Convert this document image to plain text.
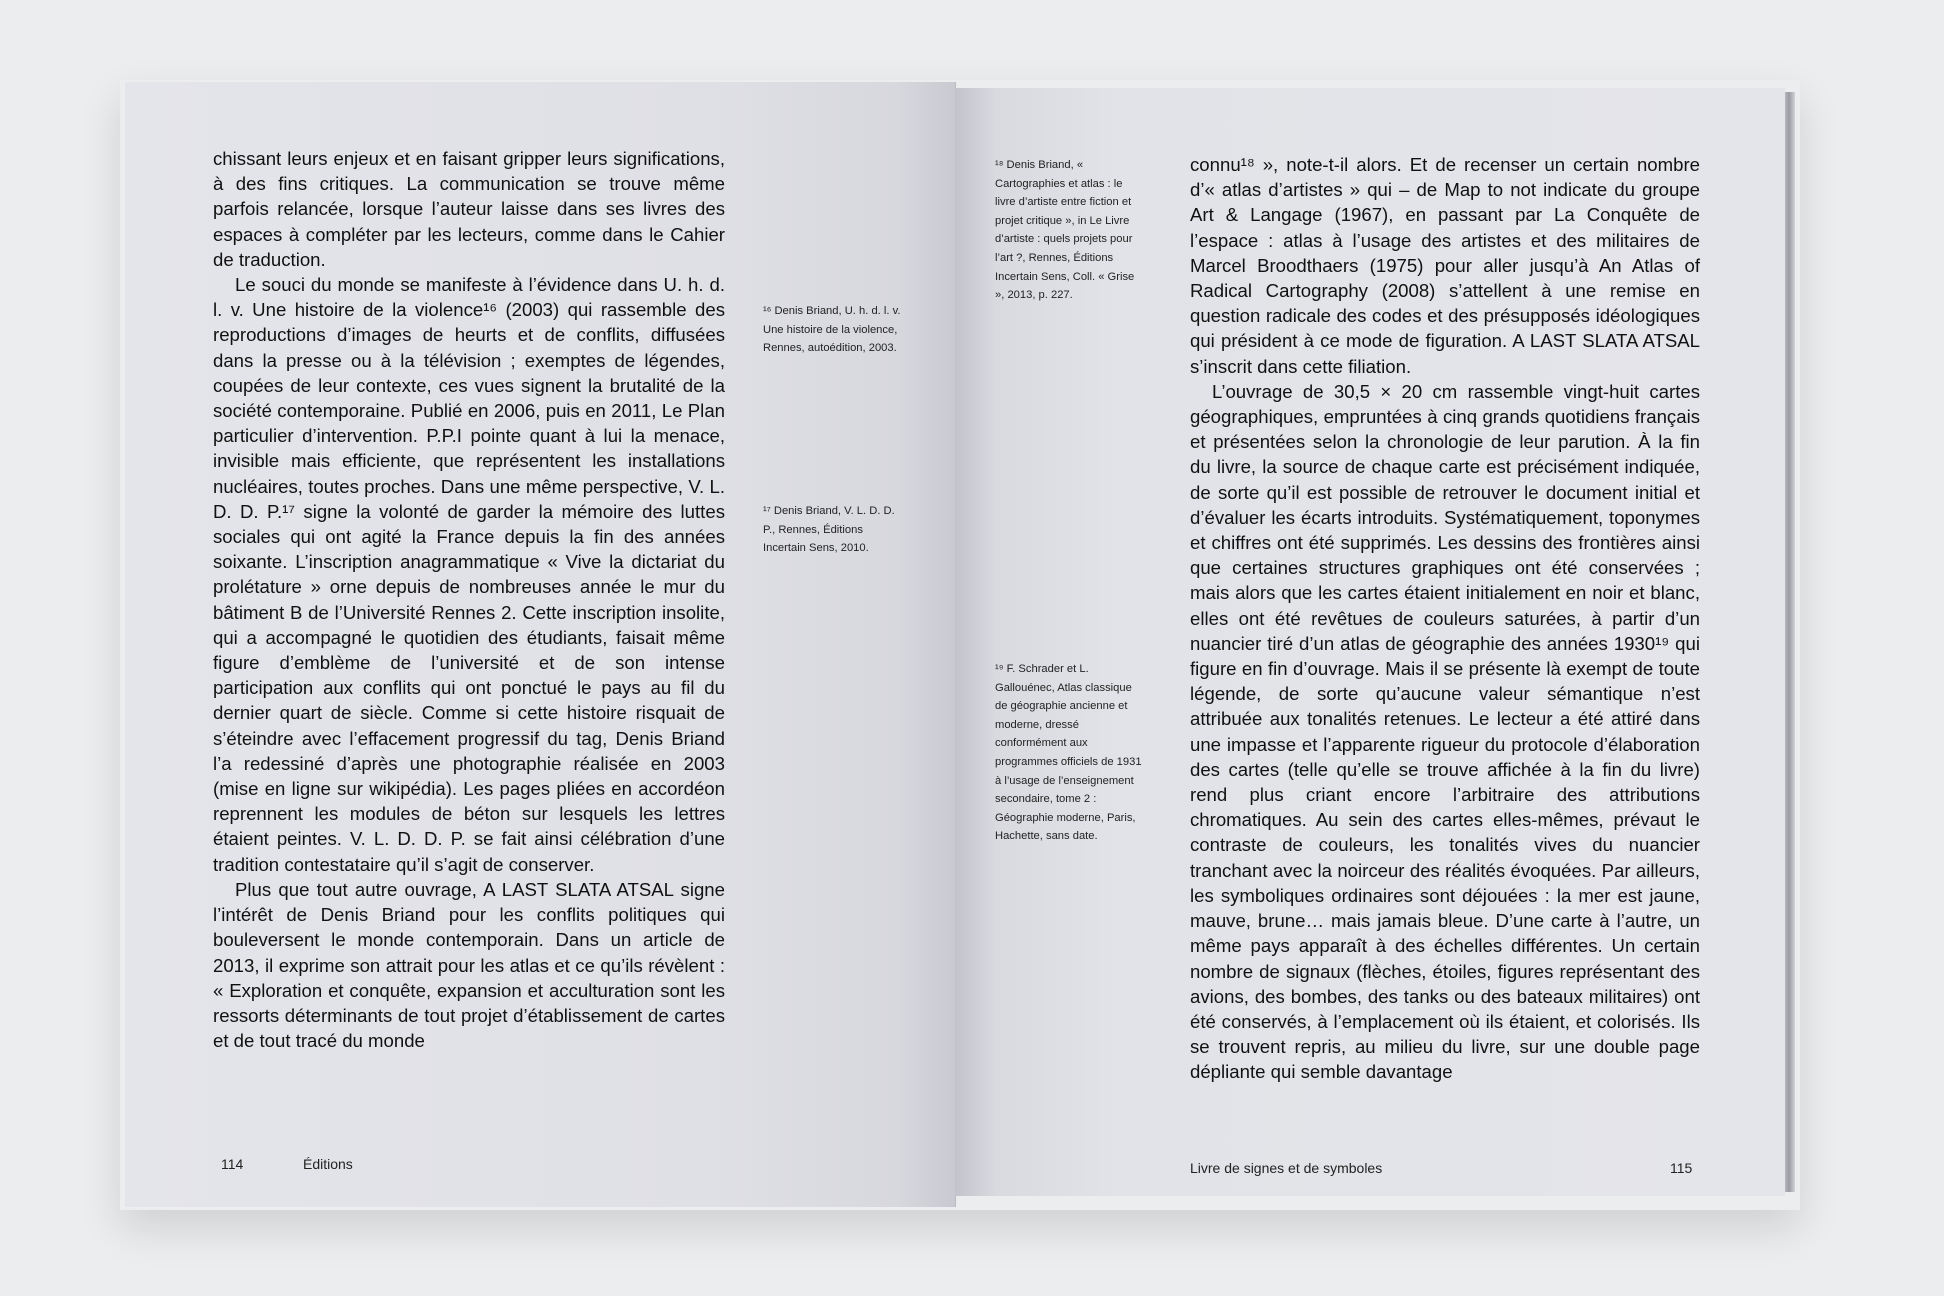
chissant leurs enjeux et en faisant gripper leurs significations, à des fins critiques. La communication se trouve même parfois relancée, lorsque l’auteur laisse dans ses livres des espaces à compléter par les lecteurs, comme dans le Cahier de traduction.

Le souci du monde se manifeste à l’évidence dans U. h. d. l. v. Une histoire de la violence¹⁶ (2003) qui rassemble des reproductions d’images de heurts et de conflits, diffusées dans la presse ou à la télévision ; exemptes de légendes, coupées de leur contexte, ces vues signent la brutalité de la société contemporaine. Publié en 2006, puis en 2011, Le Plan particulier d’intervention. P.P.I pointe quant à lui la menace, invisible mais efficiente, que représentent les installations nucléaires, toutes proches. Dans une même perspective, V. L. D. D. P.¹⁷ signe la volonté de garder la mémoire des luttes sociales qui ont agité la France depuis la fin des années soixante. L’inscription anagrammatique « Vive la dictariat du prolétature » orne depuis de nombreuses année le mur du bâtiment B de l’Université Rennes 2. Cette inscription insolite, qui a accompagné le quotidien des étudiants, faisait même figure d’emblème de l’université et de son intense participation aux conflits qui ont ponctué le pays au fil du dernier quart de siècle. Comme si cette histoire risquait de s’éteindre avec l’effacement progressif du tag, Denis Briand l’a redessiné d’après une photographie réalisée en 2003 (mise en ligne sur wikipédia). Les pages pliées en accordéon reprennent les modules de béton sur lesquels les lettres étaient peintes. V. L. D. D. P. se fait ainsi célébration d’une tradition contestataire qu’il s’agit de conserver.

Plus que tout autre ouvrage, A LAST SLATA ATSAL signe l’intérêt de Denis Briand pour les conflits politiques qui bouleversent le monde contemporain. Dans un article de 2013, il exprime son attrait pour les atlas et ce qu’ils révèlent : « Exploration et conquête, expansion et acculturation sont les ressorts déterminants de tout projet d’établissement de cartes et de tout tracé du monde

¹⁶ Denis Briand, U. h. d. l. v. Une histoire de la violence, Rennes, autoédition, 2003.
¹⁷ Denis Briand, V. L. D. D. P., Rennes, Éditions Incertain Sens, 2010.
114	Éditions

connu¹⁸ », note-t-il alors. Et de recenser un certain nombre d’« atlas d’artistes » qui – de Map to not indicate du groupe Art & Langage (1967), en passant par La Conquête de l’espace : atlas à l’usage des artistes et des militaires de Marcel Broodthaers (1975) pour aller jusqu’à An Atlas of Radical Cartography (2008) s’attellent à une remise en question radicale des codes et des présupposés idéologiques qui président à ce mode de figuration. A LAST SLATA ATSAL s’inscrit dans cette filiation.

L’ouvrage de 30,5 × 20 cm rassemble vingt-huit cartes géographiques, empruntées à cinq grands quotidiens français et présentées selon la chronologie de leur parution. À la fin du livre, la source de chaque carte est précisément indiquée, de sorte qu’il est possible de retrouver le document initial et d’évaluer les écarts introduits. Systématiquement, toponymes et chiffres ont été supprimés. Les dessins des frontières ainsi que certaines structures graphiques ont été conservées ; mais alors que les cartes étaient initialement en noir et blanc, elles ont été revêtues de couleurs saturées, à partir d’un nuancier tiré d’un atlas de géographie des années 1930¹⁹ qui figure en fin d’ouvrage. Mais il se présente là exempt de toute légende, de sorte qu’aucune valeur sémantique n’est attribuée aux tonalités retenues. Le lecteur a été attiré dans une impasse et l’apparente rigueur du protocole d’élaboration des cartes (telle qu’elle se trouve affichée à la fin du livre) rend plus criant encore l’arbitraire des attributions chromatiques. Au sein des cartes elles-mêmes, prévaut le contraste de couleurs, les tonalités vives du nuancier tranchant avec la noirceur des réalités évoquées. Par ailleurs, les symboliques ordinaires sont déjouées : la mer est jaune, mauve, brune… mais jamais bleue. D’une carte à l’autre, un même pays apparaît à des échelles différentes. Un certain nombre de signaux (flèches, étoiles, figures représentant des avions, des bombes, des tanks ou des bateaux militaires) ont été conservés, à l’emplacement où ils étaient, et colorisés. Ils se trouvent repris, au milieu du livre, sur une double page dépliante qui semble davantage

¹⁸ Denis Briand, « Cartographies et atlas : le livre d’artiste entre fiction et projet critique », in Le Livre d’artiste : quels projets pour l’art ?, Rennes, Éditions Incertain Sens, Coll. « Grise », 2013, p. 227.
¹⁹ F. Schrader et L. Gallouénec, Atlas classique de géographie ancienne et moderne, dressé conformément aux programmes officiels de 1931 à l’usage de l’enseignement secondaire, tome 2 : Géographie moderne, Paris, Hachette, sans date.
Livre de signes et de symboles	115
